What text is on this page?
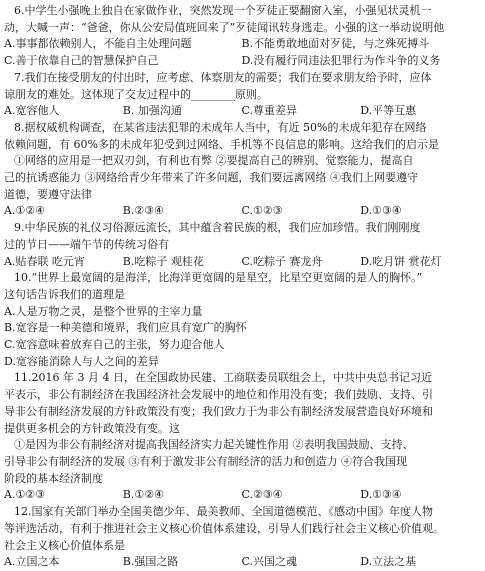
6.中学生小强晚上独自在家做作业，突然发现一个歹徒正要翻窗入室，小强见状灵机一
动，大喊一声：“爸爸，你从公安局值班回来了”歹徒闻讯转身逃走。小强的这一举动说明他
A.事事都依赖别人，不能自主处理问题	B.不能勇敢地面对歹徒，与之殊死搏斗
C.善于依靠自己的智慧保护自己	D.没有履行同违法犯罪行为作斗争的义务
7.我们在接受朋友的付出时，应考虑、体察朋友的需要；我们在要求朋友给予时，应体
谅朋友的难处。这体现了交友过程中的________原则。
A.宽容他人	B. 加强沟通	C.尊重差异	D.平等互惠
8.据权威机构调查，在某省违法犯罪的未成年人当中，有近 50%的未成年犯存在网络
依赖问题，有 60%多的未成年犯受到过网络、手机等不良信息的影响。这给我们的启示是
①网络的应用是一把双刃剑，有利也有弊 ②要提高自己的辨别、觉察能力，提高自
己的抗诱惑能力 ③网络给青少年带来了许多问题，我们要远离网络 ④我们上网要遵守
道德，要遵守法律
A.①②④	B.②③④	C.①②③	D.①③④
9.中华民族的礼仪习俗源远流长，其中蕴含着民族的根，我们应加珍惜。我们刚刚度
过的节日——端午节的传统习俗有
A.贴春联 吃元宵	B.吃粽子 观桂花	C.吃粽子 赛龙舟	D.吃月饼 赏花灯
10.“世界上最宽阔的是海洋，比海洋更宽阔的是星空，比星空更宽阔的是人的胸怀。”
这句话告诉我们的道理是
A.人是万物之灵，是整个世界的主宰力量
B.宽容是一种美德和境界，我们应具有宽广的胸怀
C.宽容意味着放弃自己的主张，努力迎合他人
D.宽容能消除人与人之间的差异
11.2016 年 3 月 4 日，在全国政协民建、工商联委员联组会上，中共中央总书记习近
平表示，非公有制经济在我国经济社会发展中的地位和作用没有变；我们鼓励、支持、引
导非公有制经济发展的方针政策没有变；我们致力于为非公有制经济发展营造良好环境和
提供更多机会的方针政策没有变。这
①是因为非公有制经济对提高我国经济实力起关键性作用 ②表明我国鼓励、支持、
引导非公有制经济的发展 ③有利于激发非公有制经济的活力和创造力 ④符合我国现
阶段的基本经济制度
A.①②③	B.①②④	C.②③④	D.①③④
12.国家有关部门举办全国美德少年、最美教师、全国道德模范、《感动中国》年度人物
等评选活动，有利于推进社会主义核心价值体系建设，引导人们践行社会主义核心价值观。
社会主义核心价值体系是
A.立国之本	B.强国之路	C.兴国之魂	D.立法之基
